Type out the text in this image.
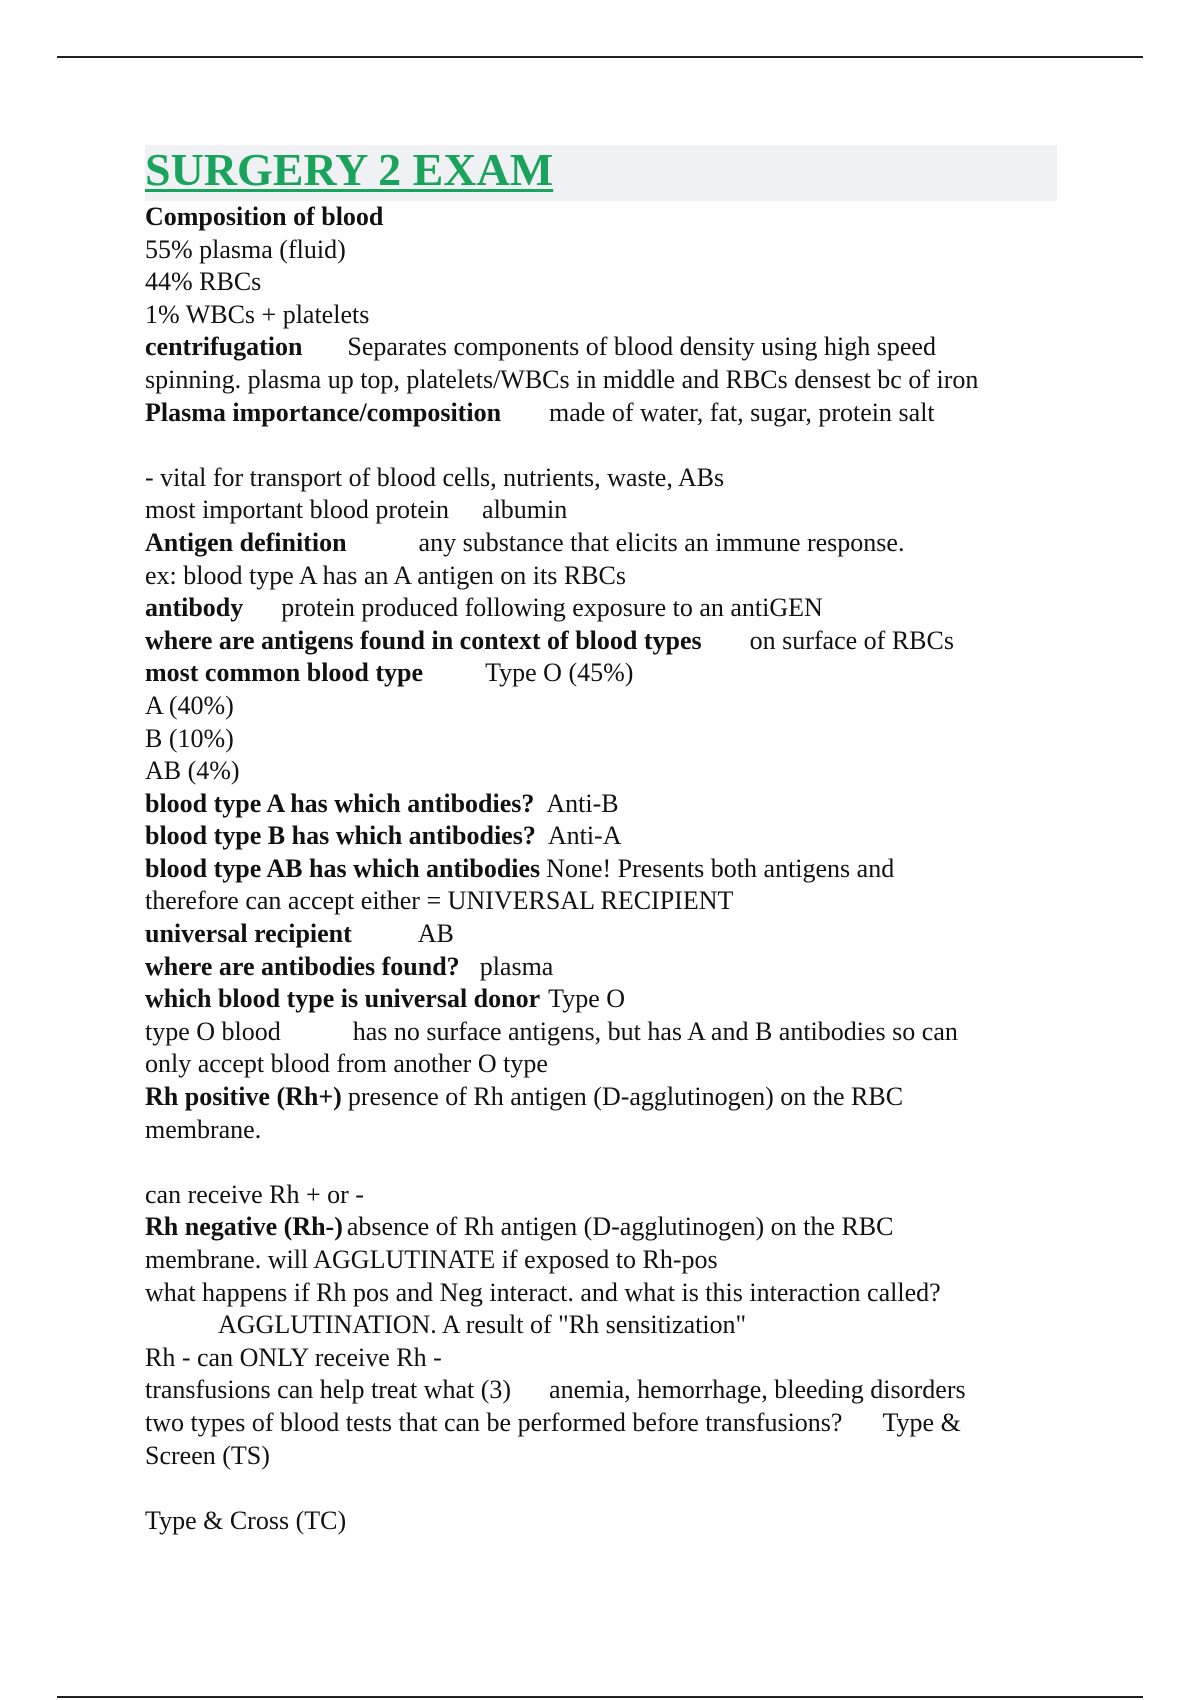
SURGERY 2 EXAM
Composition of blood
55% plasma (fluid)
44% RBCs
1% WBCs + platelets
centrifugation Separates components of blood density using high speed
spinning. plasma up top, platelets/WBCs in middle and RBCs densest bc of iron
Plasma importance/composition made of water, fat, sugar, protein salt
- vital for transport of blood cells, nutrients, waste, ABs
most important blood protein albumin
Antigen definition	any substance that elicits an immune response.
ex: blood type A has an A antigen on its RBCs
antibody protein produced following exposure to an antiGEN
where are antigens found in context of blood types on surface of RBCs
most common blood type Type O (45%)
A (40%)
B (10%)
AB (4%)
blood type A has which antibodies? Anti-B
blood type B has which antibodies? Anti-A
blood type AB has which antibodies None! Presents both antigens and
therefore can accept either = UNIVERSAL RECIPIENT
universal recipient	AB
where are antibodies found? plasma
which blood type is universal donor Type O
type O blood	has no surface antigens, but has A and B antibodies so can
only accept blood from another O type
Rh positive (Rh+) presence of Rh antigen (D-agglutinogen) on the RBC
membrane.
can receive Rh + or -
Rh negative (Rh-) absence of Rh antigen (D-agglutinogen) on the RBC
membrane. will AGGLUTINATE if exposed to Rh-pos
what happens if Rh pos and Neg interact. and what is this interaction called?
AGGLUTINATION. A result of "Rh sensitization"
Rh - can ONLY receive Rh -
transfusions can help treat what (3) anemia, hemorrhage, bleeding disorders
two types of blood tests that can be performed before transfusions? Type &
Screen (TS)
Type & Cross (TC)
